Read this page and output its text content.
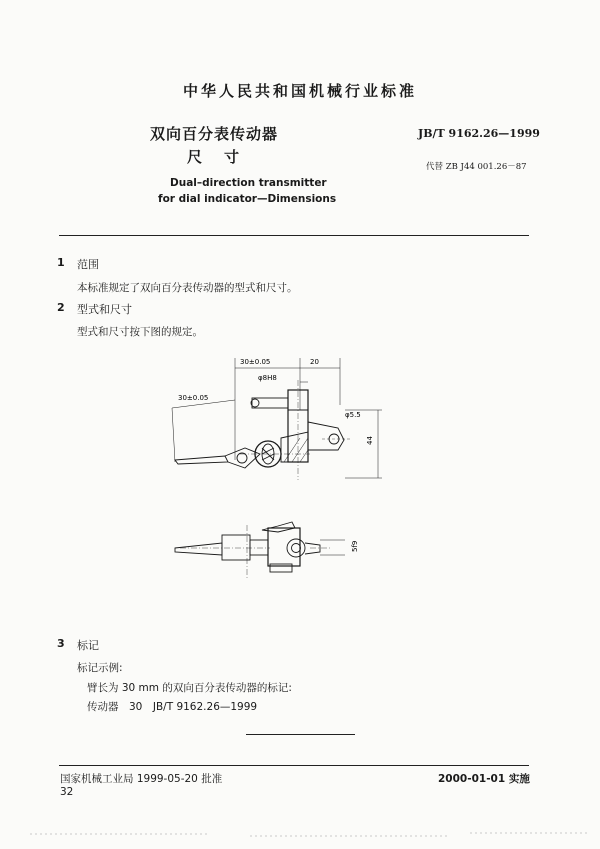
中华人民共和国机械行业标准
双向百分表传动器
尺寸
JB/T 9162.26—1999
代替 ZB J44 001.26－87
Dual–direction transmitter
for dial indicator—Dimensions
1 范围
本标准规定了双向百分表传动器的型式和尺寸。
2 型式和尺寸
型式和尺寸按下图的规定。
30±0.05	20
φ8H8
30±0.05
φ5.5
44
5f9
3 标记
标记示例:
臂长为 30 mm 的双向百分表传动器的标记:
传动器　30　JB/T 9162.26—1999
国家机械工业局 1999-05-20 批准	2000-01-01 实施
32
